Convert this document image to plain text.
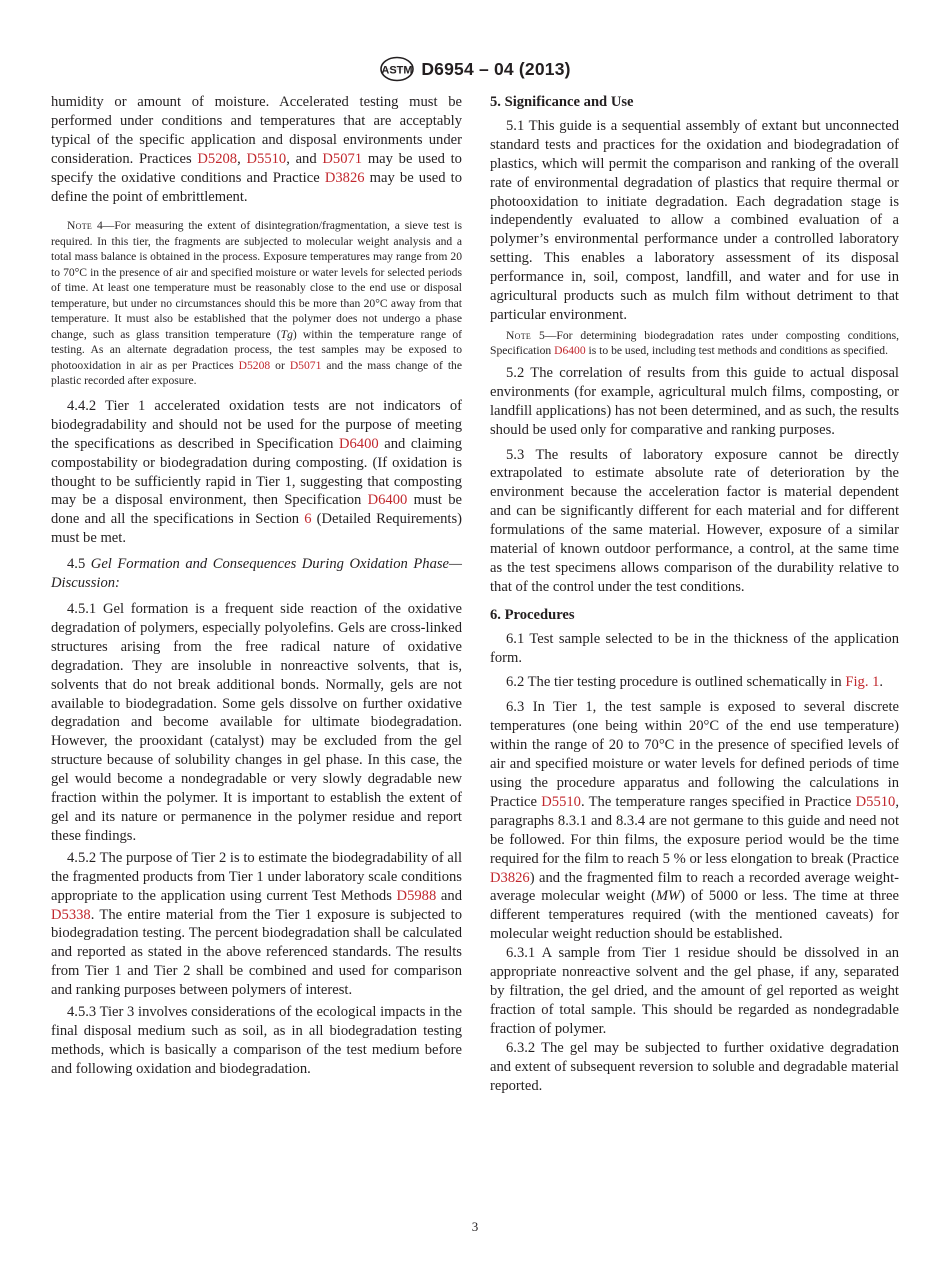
ASTM D6954 – 04 (2013)

humidity or amount of moisture. Accelerated testing must be performed under conditions and temperatures that are acceptably typical of the specific application and disposal environments under consideration. Practices D5208, D5510, and D5071 may be used to specify the oxidative conditions and Practice D3826 may be used to define the point of embrittlement.

Note 4—For measuring the extent of disintegration/fragmentation, a sieve test is required. In this tier, the fragments are subjected to molecular weight analysis and a total mass balance is obtained in the process. Exposure temperatures may range from 20 to 70°C in the presence of air and specified moisture or water levels for selected periods of time. At least one temperature must be reasonably close to the end use or disposal temperature, but under no circumstances should this be more than 20°C away from that temperature. It must also be established that the polymer does not undergo a phase change, such as glass transition temperature (Tg) within the temperature range of testing. As an alternate degradation process, the test samples may be exposed to photooxidation in air as per Practices D5208 or D5071 and the mass change of the plastic recorded after exposure.

4.4.2 Tier 1 accelerated oxidation tests are not indicators of biodegradability and should not be used for the purpose of meeting the specifications as described in Specification D6400 and claiming compostability or biodegradation during composting. (If oxidation is thought to be sufficiently rapid in Tier 1, suggesting that composting may be a disposal environment, then Specification D6400 must be done and all the specifications in Section 6 (Detailed Requirements) must be met.

4.5 Gel Formation and Consequences During Oxidation Phase—Discussion:

4.5.1 Gel formation is a frequent side reaction of the oxidative degradation of polymers, especially polyolefins. Gels are cross-linked structures arising from the free radical nature of oxidative degradation. They are insoluble in nonreactive solvents, that is, solvents that do not break additional bonds. Normally, gels are not available to biodegradation. Some gels dissolve on further oxidative degradation and become available for ultimate biodegradation. However, the prooxidant (catalyst) may be excluded from the gel structure because of solubility changes in gel phase. In this case, the gel would become a nondegradable or very slowly degradable new fraction within the polymer. It is important to establish the extent of gel and its nature or permanence in the polymer residue and report these findings.

4.5.2 The purpose of Tier 2 is to estimate the biodegradability of all the fragmented products from Tier 1 under laboratory scale conditions appropriate to the application using current Test Methods D5988 and D5338. The entire material from the Tier 1 exposure is subjected to biodegradation testing. The percent biodegradation shall be calculated and reported as stated in the above referenced standards. The results from Tier 1 and Tier 2 shall be combined and used for comparison and ranking purposes between polymers of interest.

4.5.3 Tier 3 involves considerations of the ecological impacts in the final disposal medium such as soil, as in all biodegradation testing methods, which is basically a comparison of the test medium before and following oxidation and biodegradation.

5. Significance and Use

5.1 This guide is a sequential assembly of extant but unconnected standard tests and practices for the oxidation and biodegradation of plastics, which will permit the comparison and ranking of the overall rate of environmental degradation of plastics that require thermal or photooxidation to initiate degradation. Each degradation stage is independently evaluated to allow a combined evaluation of a polymer’s environmental performance under a controlled laboratory setting. This enables a laboratory assessment of its disposal performance in, soil, compost, landfill, and water and for use in agricultural products such as mulch film without detriment to that particular environment.

Note 5—For determining biodegradation rates under composting conditions, Specification D6400 is to be used, including test methods and conditions as specified.

5.2 The correlation of results from this guide to actual disposal environments (for example, agricultural mulch films, composting, or landfill applications) has not been determined, and as such, the results should be used only for comparative and ranking purposes.

5.3 The results of laboratory exposure cannot be directly extrapolated to estimate absolute rate of deterioration by the environment because the acceleration factor is material dependent and can be significantly different for each material and for different formulations of the same material. However, exposure of a similar material of known outdoor performance, a control, at the same time as the test specimens allows comparison of the durability relative to that of the control under the test conditions.

6. Procedures

6.1 Test sample selected to be in the thickness of the application form.

6.2 The tier testing procedure is outlined schematically in Fig. 1.

6.3 In Tier 1, the test sample is exposed to several discrete temperatures (one being within 20°C of the end use temperature) within the range of 20 to 70°C in the presence of specified levels of air and specified moisture or water levels for defined periods of time using the procedure apparatus and following the calculations in Practice D5510. The temperature ranges specified in Practice D5510, paragraphs 8.3.1 and 8.3.4 are not germane to this guide and need not be followed. For thin films, the exposure period would be the time required for the film to reach 5 % or less elongation to break (Practice D3826) and the fragmented film to reach a recorded average weight-average molecular weight (MW) of 5000 or less. The time at three different temperatures required (with the mentioned caveats) for molecular weight reduction should be established.

6.3.1 A sample from Tier 1 residue should be dissolved in an appropriate nonreactive solvent and the gel phase, if any, separated by filtration, the gel dried, and the amount of gel reported as weight fraction of total sample. This should be regarded as nondegradable fraction of polymer.

6.3.2 The gel may be subjected to further oxidative degradation and extent of subsequent reversion to soluble and degradable material reported.

3
